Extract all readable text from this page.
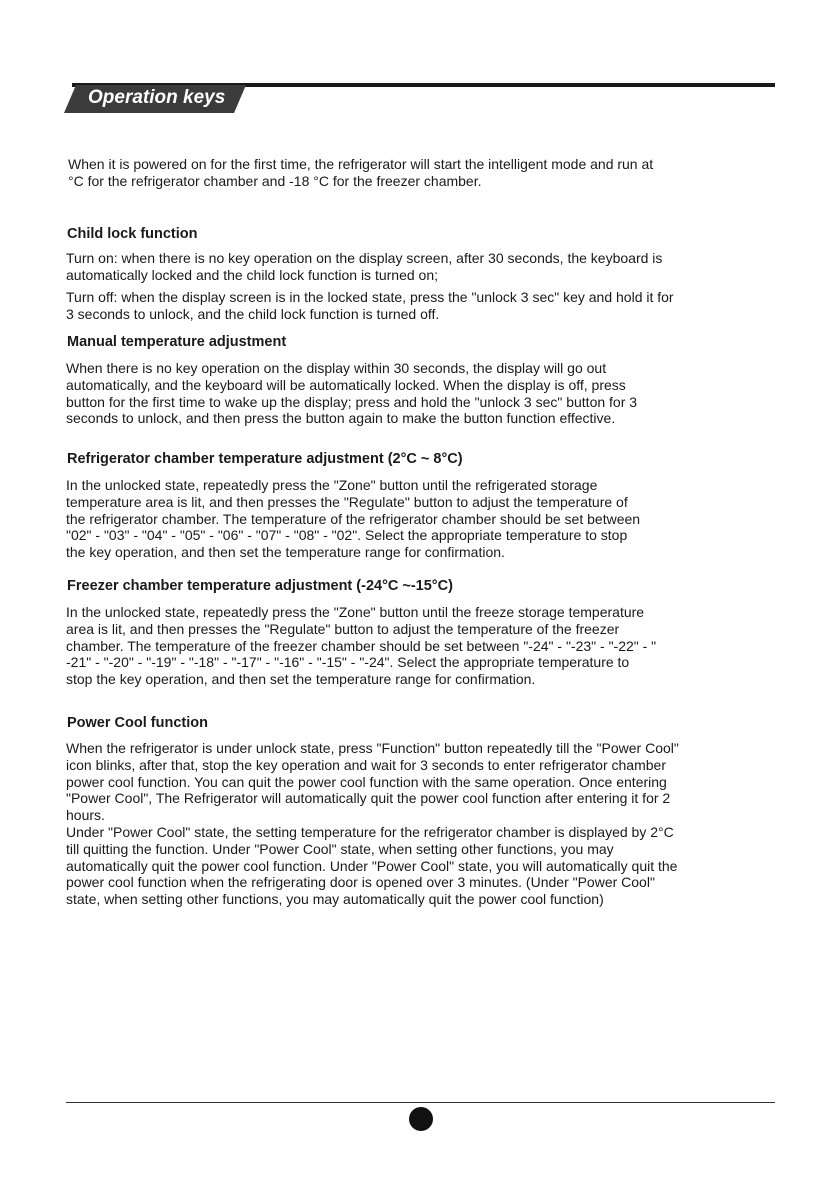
Operation keys

When it is powered on for the first time, the refrigerator will start the intelligent mode and run at

°C for the refrigerator chamber and -18 °C for the freezer chamber.

Child lock function

Turn on: when there is no key operation on the display screen, after 30 seconds, the keyboard is

automatically locked and the child lock function is turned on;

Turn off: when the display screen is in the locked state, press the "unlock 3 sec" key and hold it for

3 seconds to unlock, and the child lock function is turned off.

Manual temperature adjustment

When there is no key operation on the display within 30 seconds, the display will go out

automatically, and the keyboard will be automatically locked. When the display is off, press

button for the first time to wake up the display; press and hold the "unlock 3 sec" button for 3

seconds to unlock, and then press the button again to make the button function effective.

Refrigerator chamber temperature adjustment (2°C ~ 8°C)

In the unlocked state, repeatedly press the "Zone" button until the refrigerated storage

temperature area is lit, and then presses the "Regulate" button to adjust the temperature of

the refrigerator chamber. The temperature of the refrigerator chamber should be set between

"02" - "03" - "04" - "05" - "06" - "07" - "08" - "02". Select the appropriate temperature to stop

the key operation, and then set the temperature range for confirmation.

Freezer chamber temperature adjustment (-24°C ~-15°C)

In the unlocked state, repeatedly press the "Zone" button until the freeze storage temperature

area is lit, and then presses the "Regulate" button to adjust the temperature of the freezer

chamber. The temperature of the freezer chamber should be set between "-24" - "-23" - "-22" - "

-21" - "-20" - "-19" - "-18" - "-17" - "-16" - "-15" - "-24". Select the appropriate temperature to

stop the key operation, and then set the temperature range for confirmation.

Power Cool function

When the refrigerator is under unlock state, press "Function" button repeatedly till the "Power Cool"

icon blinks, after that, stop the key operation and wait for 3 seconds to enter refrigerator chamber

power cool function. You can quit the power cool function with the same operation. Once entering

"Power Cool", The Refrigerator will automatically quit the power cool function after entering it for 2

hours.

Under "Power Cool" state, the setting temperature for the refrigerator chamber is displayed by 2°C

till quitting the function. Under "Power Cool" state, when setting other functions, you may

automatically quit the power cool function. Under "Power Cool" state, you will automatically quit the

power cool function when the refrigerating door is opened over 3 minutes. (Under "Power Cool"

state, when setting other functions, you may automatically quit the power cool function)
